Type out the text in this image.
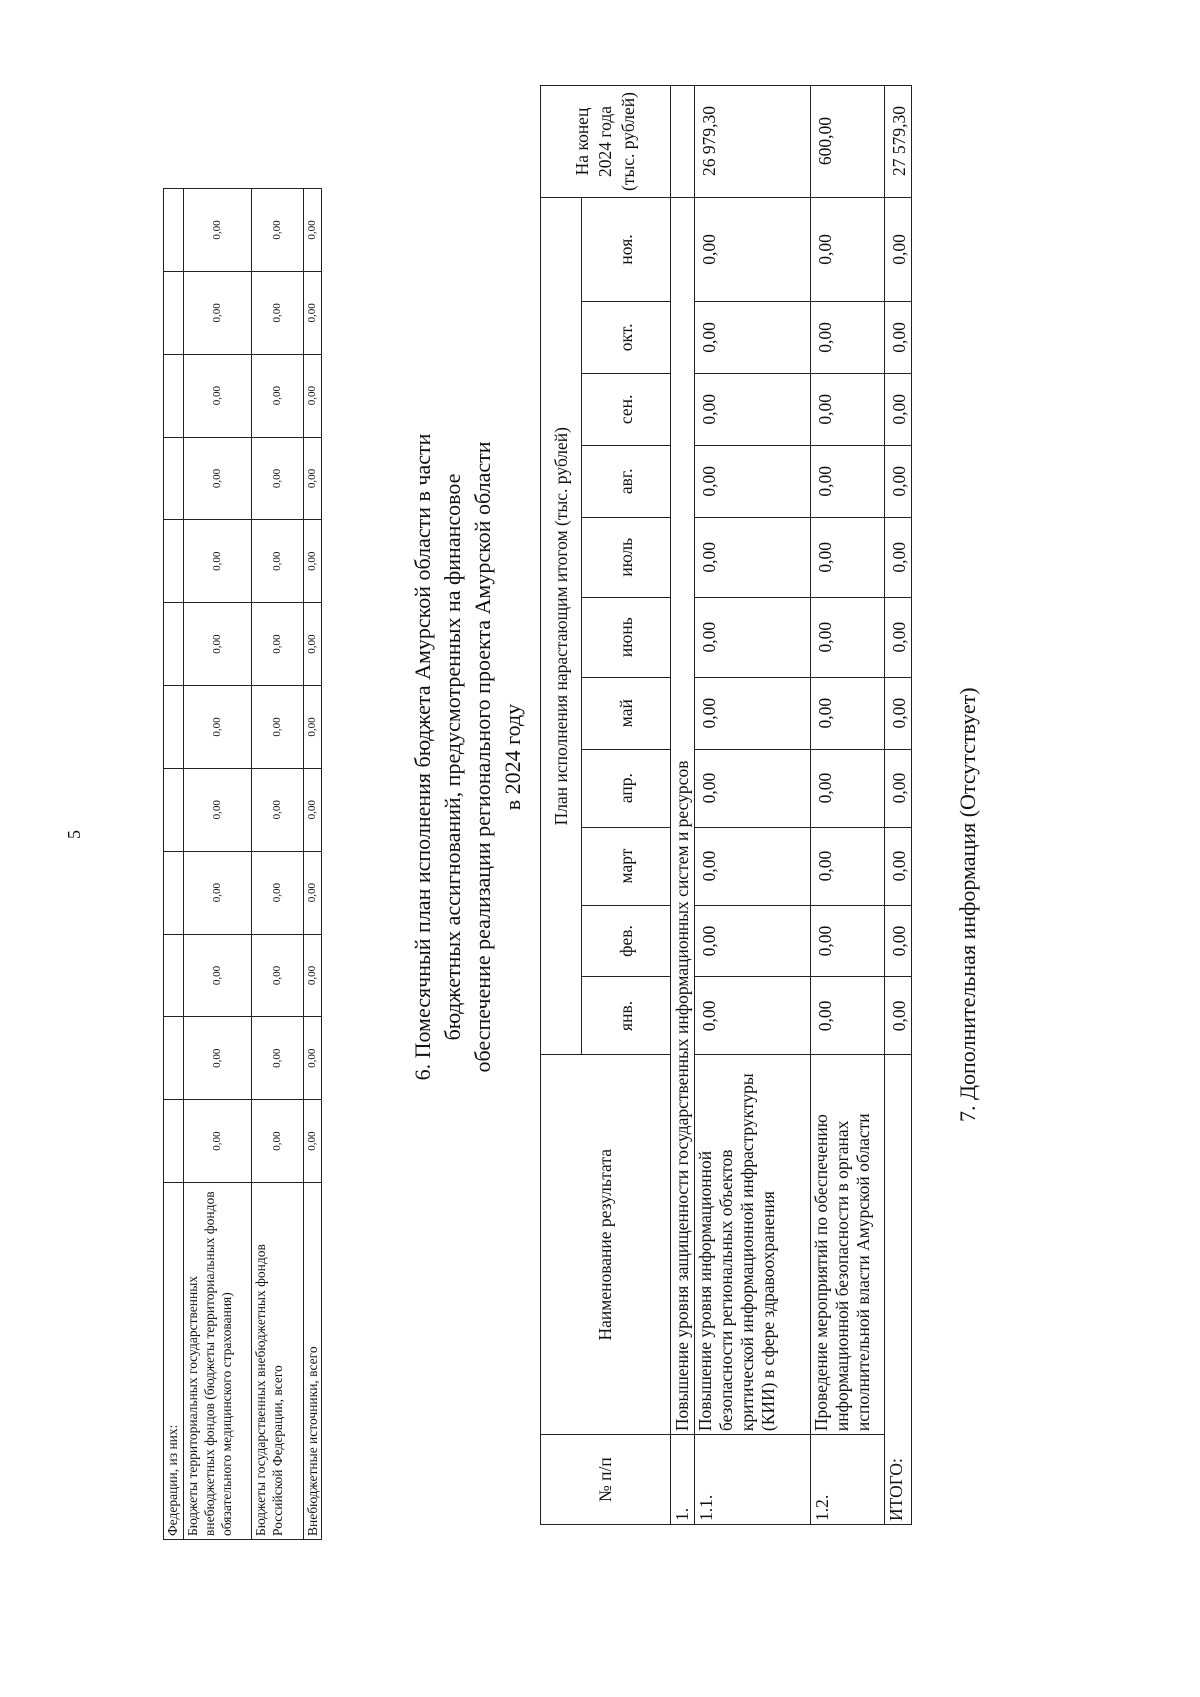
5
Федерации, из них:												
Бюджеты территориальных государственных внебюджетных фондов (бюджеты территориальных фондов обязательного медицинского страхования)	0,00	0,00	0,00	0,00	0,00	0,00	0,00	0,00	0,00	0,00	0,00	0,00
Бюджеты государственных внебюджетных фондов Российской Федерации, всего	0,00	0,00	0,00	0,00	0,00	0,00	0,00	0,00	0,00	0,00	0,00	0,00
Внебюджетные источники, всего	0,00	0,00	0,00	0,00	0,00	0,00	0,00	0,00	0,00	0,00	0,00	0,00
6. Помесячный план исполнения бюджета Амурской области в части бюджетных ассигнований, предусмотренных на финансовое обеспечение реализации регионального проекта Амурской области в 2024 году
№ п/п	Наименование результата	План исполнения нарастающим итогом (тыс. рублей)											На конец 2024 года (тыс. рублей)
		янв.	фев.	март	апр.	май	июнь	июль	авг.	сен.	окт.	ноя.	
1.	Повышение уровня защищенности государственных информационных систем и ресурсов												
1.1.	Повышение уровня информационной безопасности региональных объектов критической информационной инфраструктуры (КИИ) в сфере здравоохранения	0,00	0,00	0,00	0,00	0,00	0,00	0,00	0,00	0,00	0,00	0,00	26 979,30
1.2.	Проведение мероприятий по обеспечению информационной безопасности в органах исполнительной власти Амурской области	0,00	0,00	0,00	0,00	0,00	0,00	0,00	0,00	0,00	0,00	0,00	600,00
ИТОГО:		0,00	0,00	0,00	0,00	0,00	0,00	0,00	0,00	0,00	0,00	0,00	27 579,30
7. Дополнительная информация (Отсутствует)
